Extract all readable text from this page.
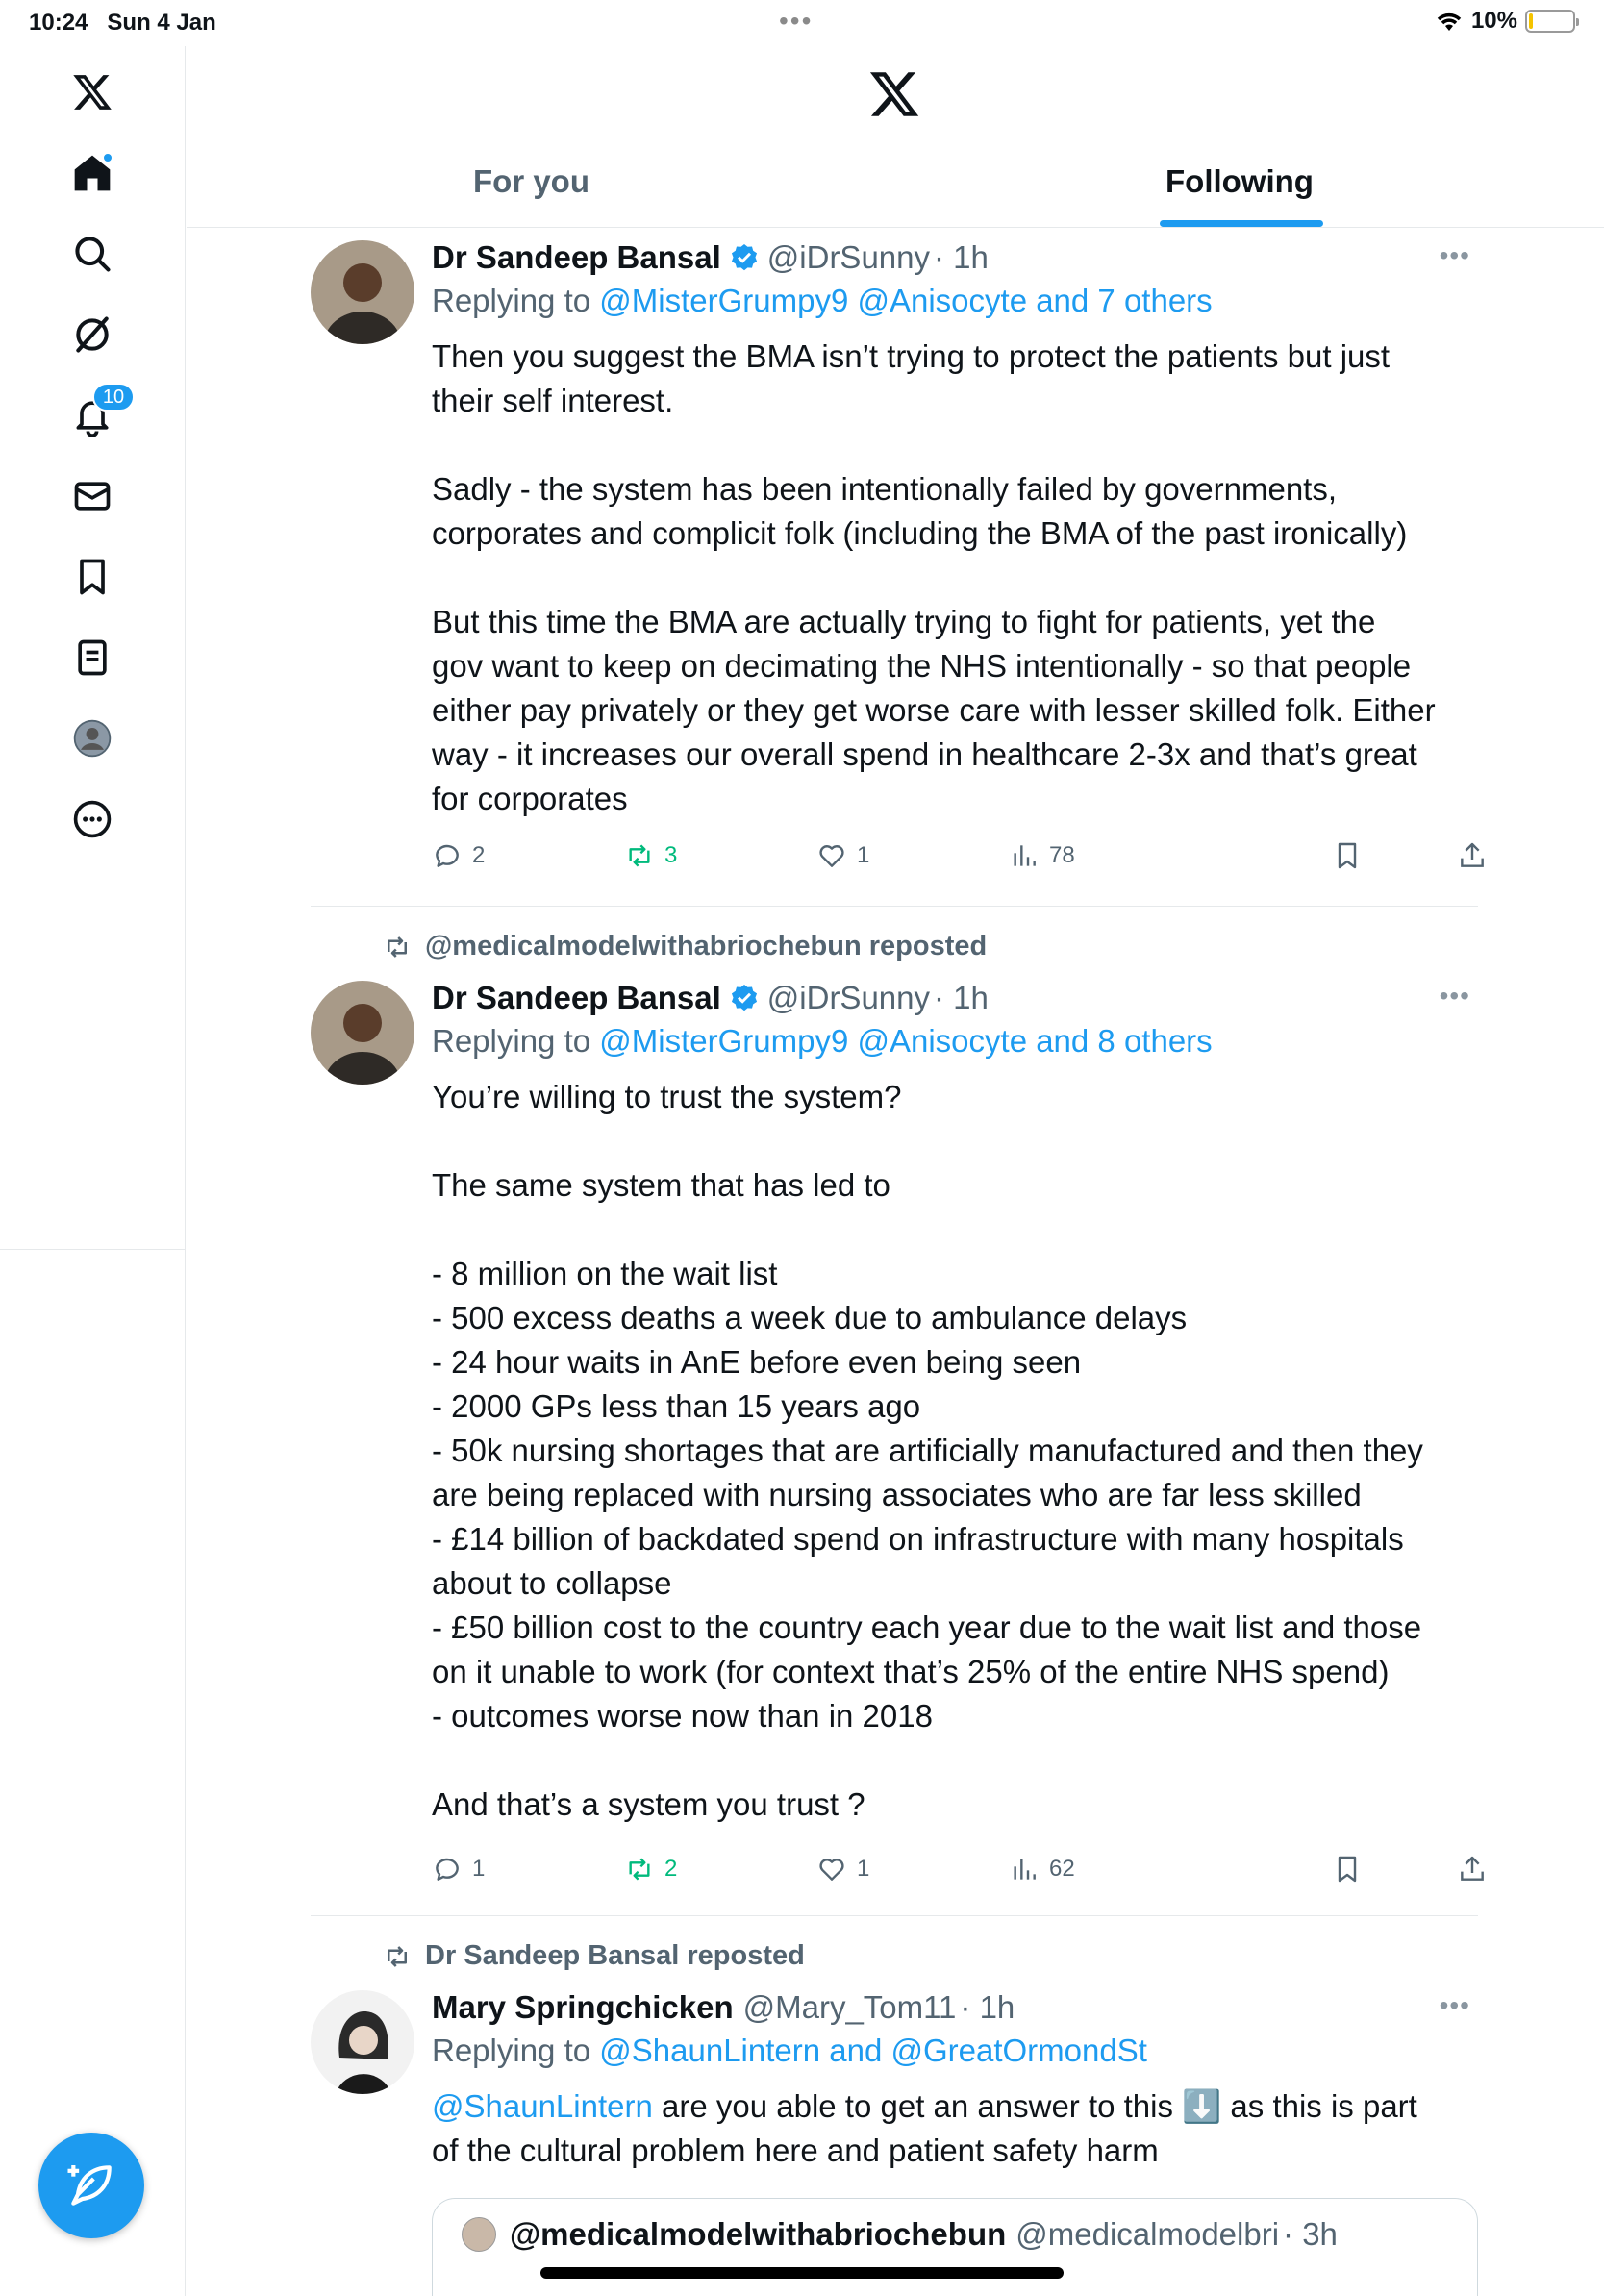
10:24 Sun 4 Jan	•••	10%
10
For you	Following
Dr Sandeep Bansal @iDrSunny · 1h	•••
Replying to @MisterGrumpy9 @Anisocyte and 7 others
Then you suggest the BMA isn’t trying to protect the patients but just
their self interest.

Sadly - the system has been intentionally failed by governments,
corporates and complicit folk (including the BMA of the past ironically)

But this time the BMA are actually trying to fight for patients, yet the
gov want to keep on decimating the NHS intentionally - so that people
either pay privately or they get worse care with lesser skilled folk. Either
way - it increases our overall spend in healthcare 2-3x and that’s great
for corporates
2	3	1	78
@medicalmodelwithabriochebun reposted
Dr Sandeep Bansal @iDrSunny · 1h	•••
Replying to @MisterGrumpy9 @Anisocyte and 8 others
You’re willing to trust the system?

The same system that has led to

- 8 million on the wait list
- 500 excess deaths a week due to ambulance delays
- 24 hour waits in AnE before even being seen
- 2000 GPs less than 15 years ago
- 50k nursing shortages that are artificially manufactured and then they
are being replaced with nursing associates who are far less skilled
- £14 billion of backdated spend on infrastructure with many hospitals
about to collapse
- £50 billion cost to the country each year due to the wait list and those
on it unable to work (for context that’s 25% of the entire NHS spend)
- outcomes worse now than in 2018

And that’s a system you trust ?
1	2	1	62
Dr Sandeep Bansal reposted
Mary Springchicken @Mary_Tom11 · 1h	•••
Replying to @ShaunLintern and @GreatOrmondSt
@ShaunLintern are you able to get an answer to this ⬇️ as this is part
of the cultural problem here and patient safety harm
@medicalmodelwithabriochebun @medicalmodelbri · 3h
